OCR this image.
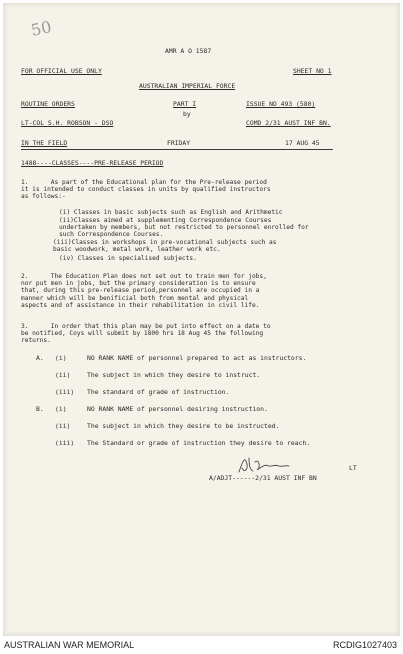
50
AMR A O 1587
FOR OFFICIAL USE ONLY	SHEET NO 1
AUSTRALIAN IMPERIAL FORCE
ROUTINE ORDERS	PART I	ISSUE NO 493 (580)
by
LT-COL S.H. ROBSON - DSO	COMD 2/31 AUST INF BN.
IN THE FIELD	FRIDAY	17 AUG 45
1488----CLASSES----PRE-RELEASE PERIOD
1.      As part of the Educational plan for the Pre-release period
it is intended to conduct classes in units by qualified instructors
as follows:-
(i) Classes in basic subjects such as English and Arithmetic
(ii)Classes aimed at supplementing Correspondence Courses
undertaken by members, but not restricted to personnel enrolled for
such Correspondence Courses.
(iii)Classes in workshops in pre-vocational subjects such as
basic woodwork, metal work, leather work etc.
(iv) Classes in specialised subjects.
2.      The Education Plan does not set out to train men for jobs,
nor put men in jobs, but the primary consideration is to ensure
that, during this pre-release period,personnel are occupied in a
manner which will be benificial both from mental and physical
aspects and of assistance in their rehabilitation in civil life.
3.      In order that this plan may be put into effect on a date to
be notified, Coys will submit by 1800 hrs 18 Aug 45 the following
returns.
A. (i)	NO RANK NAME of personnel prepared to act as instructors.
(ii)	The subject in which they desire to instruct.
(iii) The standard of grade of instruction.
B. (i)	NO RANK NAME of personnel desiring instruction.
(ii)	The subject in which they desire to be instructed.
(iii) The Standard or grade of instruction they desire to reach.
LT
A/ADJT------2/31 AUST INF BN
AUSTRALIAN WAR MEMORIAL	RCDIG1027403
